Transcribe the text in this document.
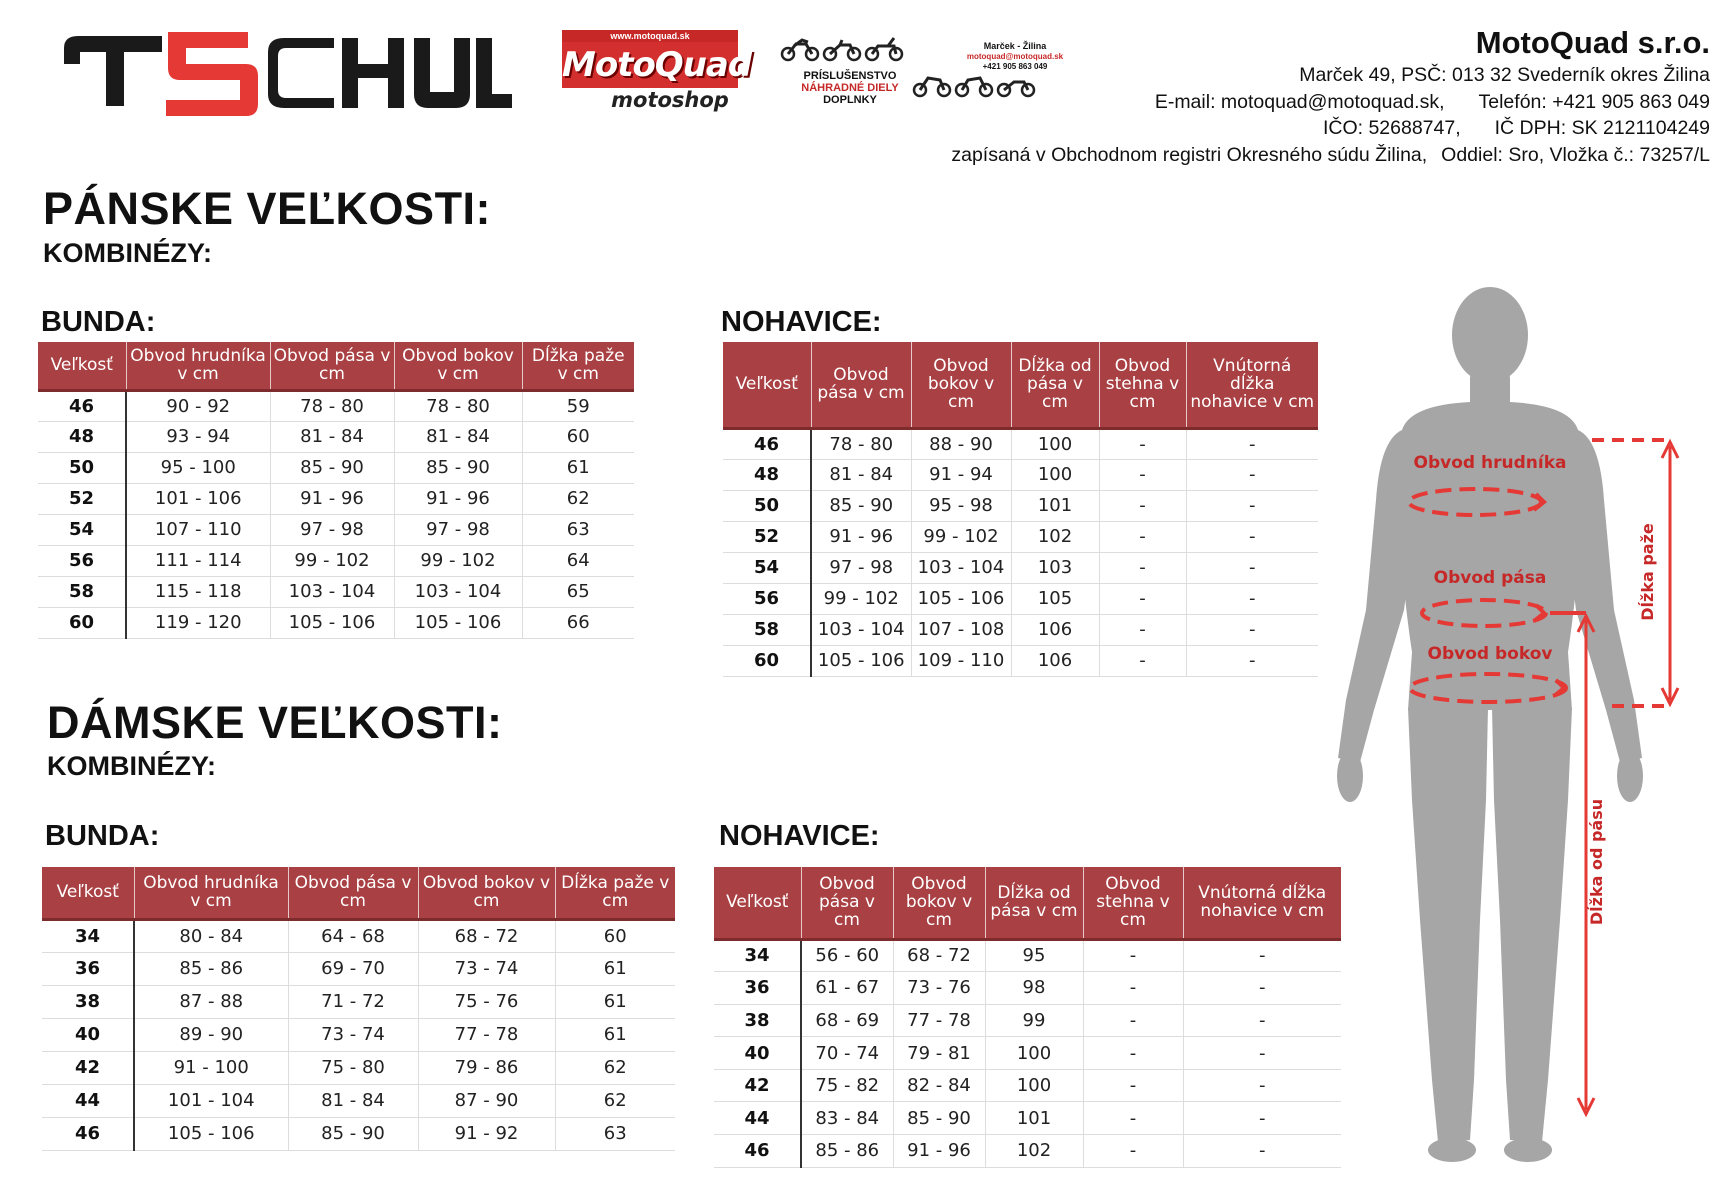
www.motoquad.sk
MotoQuad
motoshop
PRÍSLUŠENSTVO
NÁHRADNÉ DIELY
DOPLNKY
Marček - Žilina
motoquad@motoquad.sk
+421 905 863 049
MotoQuad s.r.o.
Marček 49, PSČ: 013 32 Svederník okres Žilina
E-mail: motoquad@motoquad.sk, Telefón: +421 905 863 049
IČO: 52688747, IČ DPH: SK 2121104249
zapísaná v Obchodnom registri Okresného súdu Žilina, Oddiel: Sro, Vložka č.: 73257/L
PÁNSKE VEĽKOSTI:
KOMBINÉZY:
BUNDA:
Veľkosť	Obvod hrudníka v cm	Obvod pása v cm	Obvod bokov v cm	Dĺžka paže v cm
46	90 - 92	78 - 80	78 - 80	59
48	93 - 94	81 - 84	81 - 84	60
50	95 - 100	85 - 90	85 - 90	61
52	101 - 106	91 - 96	91 - 96	62
54	107 - 110	97 - 98	97 - 98	63
56	111 - 114	99 - 102	99 - 102	64
58	115 - 118	103 - 104	103 - 104	65
60	119 - 120	105 - 106	105 - 106	66
NOHAVICE:
Veľkosť	Obvod pása v cm	Obvod bokov v cm	Dĺžka od pása v cm	Obvod stehna v cm	Vnútorná dĺžka nohavice v cm
46	78 - 80	88 - 90	100	-	-
48	81 - 84	91 - 94	100	-	-
50	85 - 90	95 - 98	101	-	-
52	91 - 96	99 - 102	102	-	-
54	97 - 98	103 - 104	103	-	-
56	99 - 102	105 - 106	105	-	-
58	103 - 104	107 - 108	106	-	-
60	105 - 106	109 - 110	106	-	-
DÁMSKE VEĽKOSTI:
KOMBINÉZY:
BUNDA:
Veľkosť	Obvod hrudníka v cm	Obvod pása v cm	Obvod bokov v cm	Dĺžka paže v cm
34	80 - 84	64 - 68	68 - 72	60
36	85 - 86	69 - 70	73 - 74	61
38	87 - 88	71 - 72	75 - 76	61
40	89 - 90	73 - 74	77 - 78	61
42	91 - 100	75 - 80	79 - 86	62
44	101 - 104	81 - 84	87 - 90	62
46	105 - 106	85 - 90	91 - 92	63
NOHAVICE:
Veľkosť	Obvod pása v cm	Obvod bokov v cm	Dĺžka od pása v cm	Obvod stehna v cm	Vnútorná dĺžka nohavice v cm
34	56 - 60	68 - 72	95	-	-
36	61 - 67	73 - 76	98	-	-
38	68 - 69	77 - 78	99	-	-
40	70 - 74	79 - 81	100	-	-
42	75 - 82	82 - 84	100	-	-
44	83 - 84	85 - 90	101	-	-
46	85 - 86	91 - 96	102	-	-
Obvod hrudníka
Obvod pása
Obvod bokov
Dĺžka paže
Dĺžka od pásu
